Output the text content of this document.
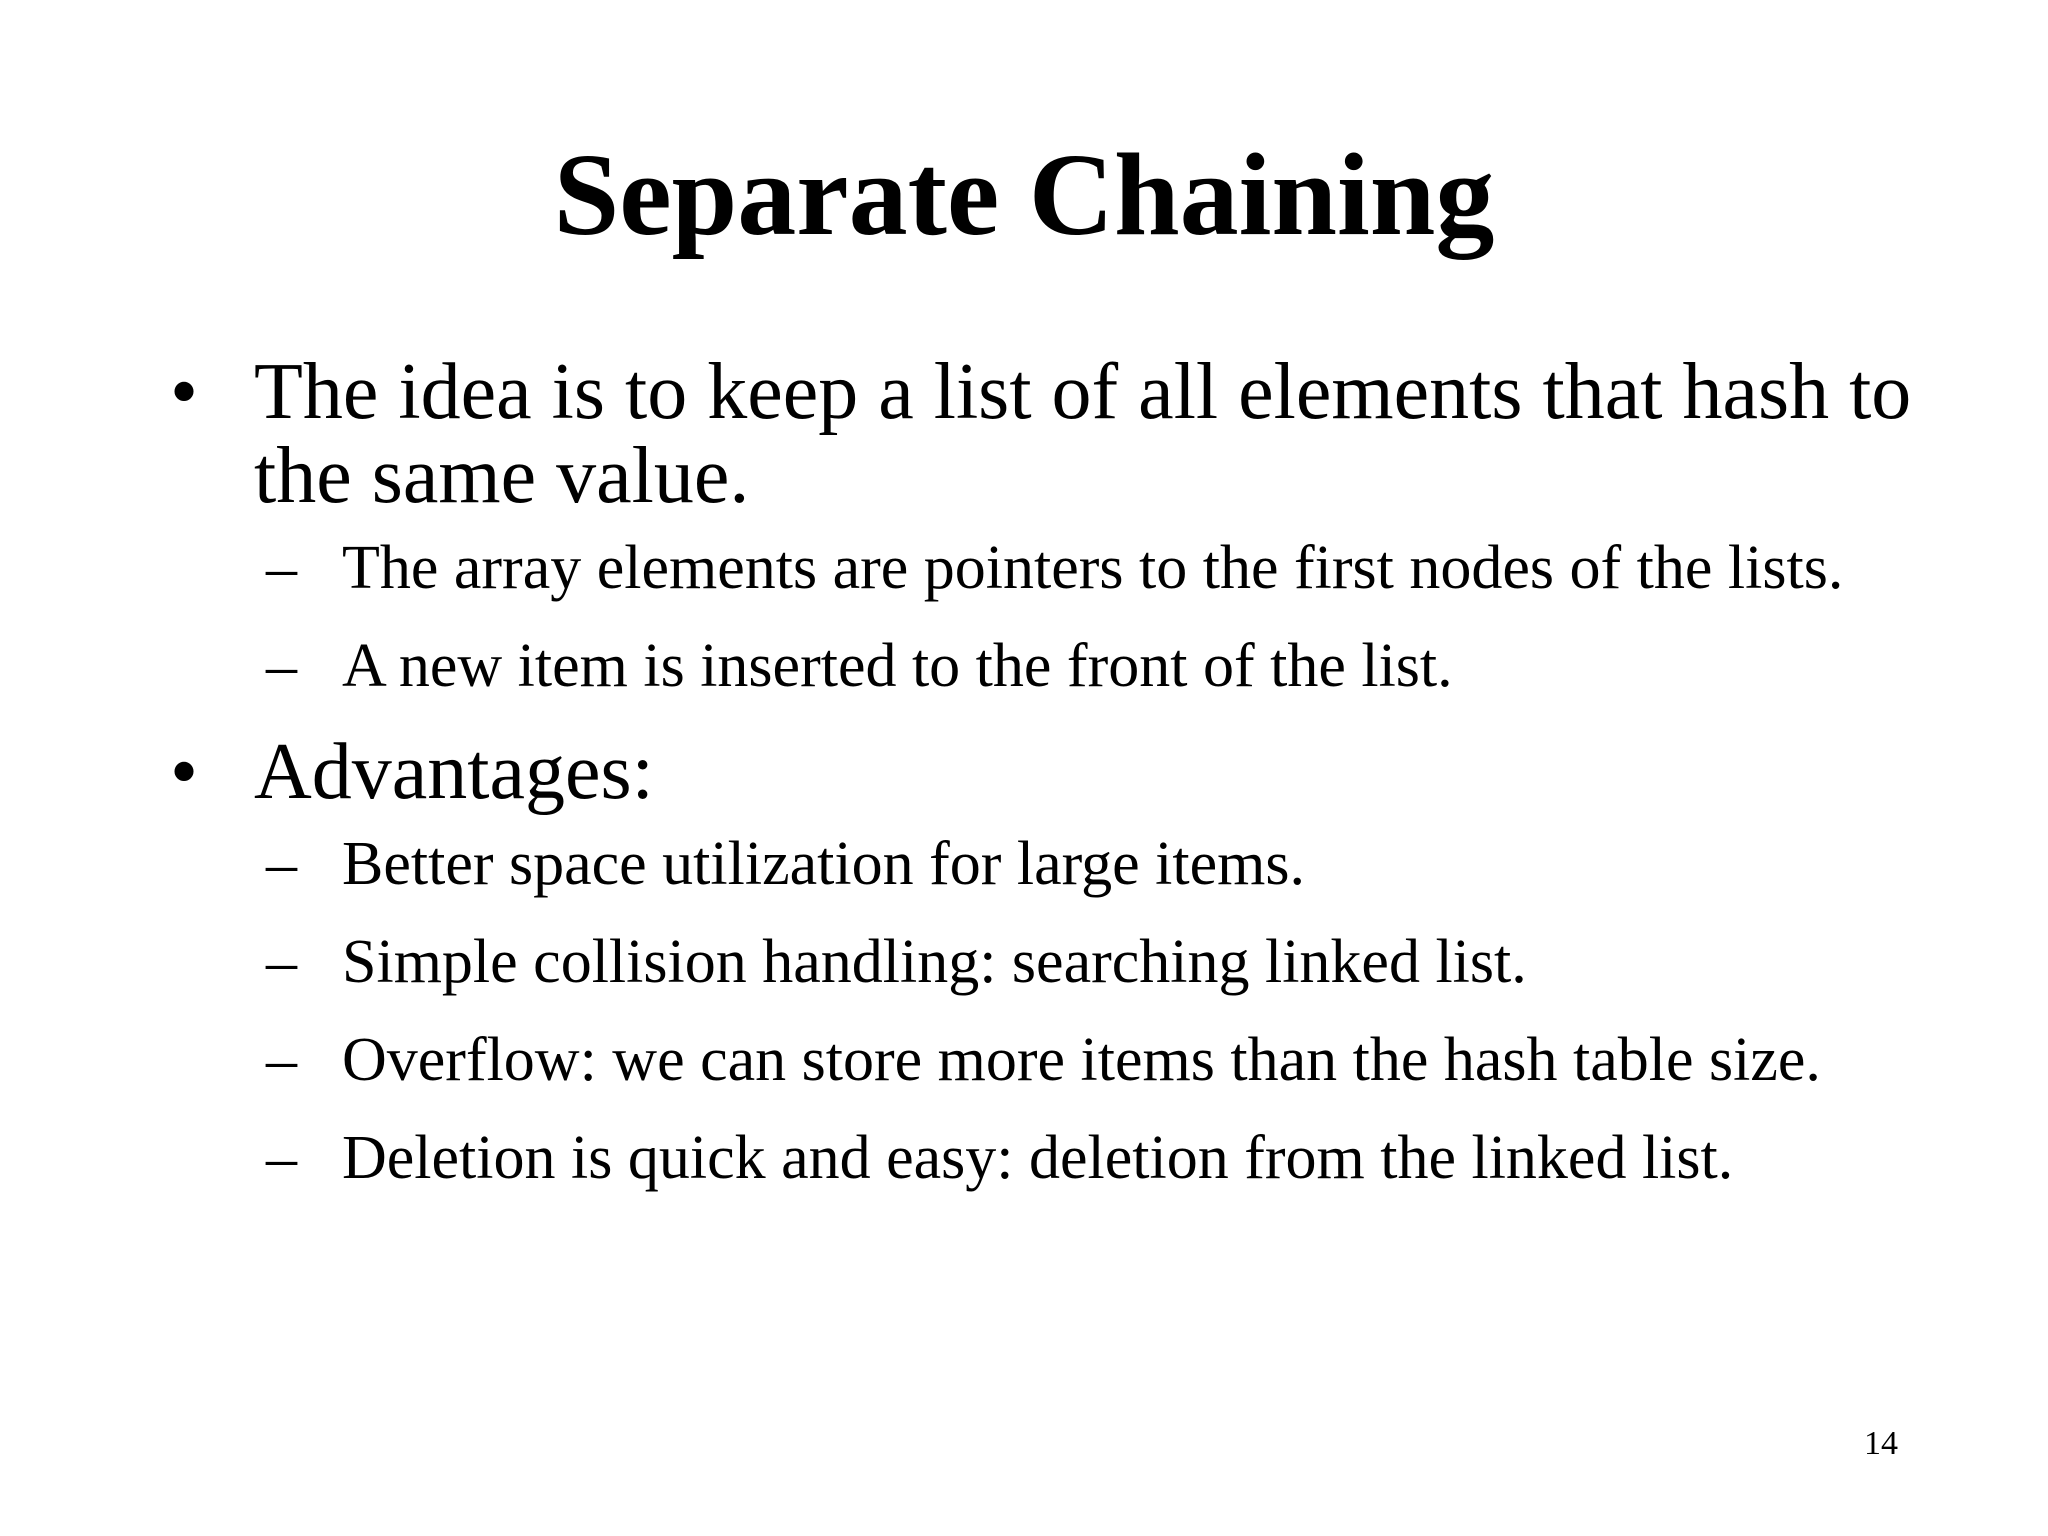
Separate Chaining
• The idea is to keep a list of all elements that hash to the same value.
– The array elements are pointers to the first nodes of the lists.
– A new item is inserted to the front of the list.
• Advantages:
– Better space utilization for large items.
– Simple collision handling: searching linked list.
– Overflow: we can store more items than the hash table size.
– Deletion is quick and easy: deletion from the linked list.
14
